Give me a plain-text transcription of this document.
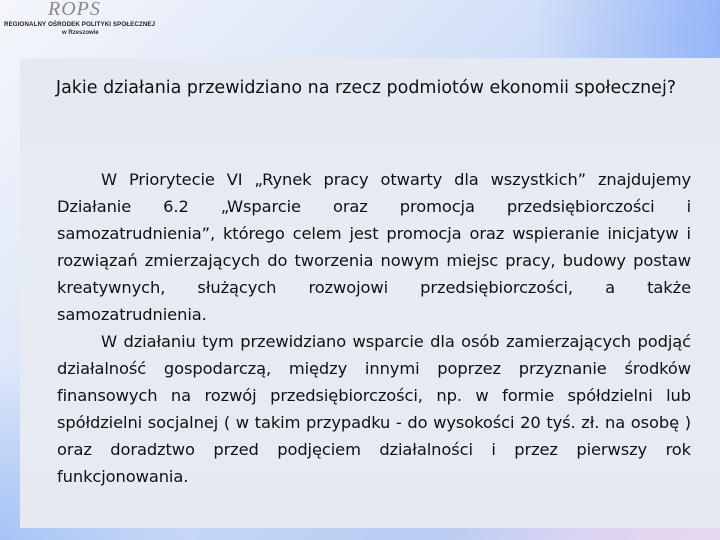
ROPS
REGIONALNY OŚRODEK POLITYKI SPOŁECZNEJ
w Rzeszowie
Jakie działania przewidziano na rzecz podmiotów ekonomii społecznej?

W Priorytecie VI „Rynek pracy otwarty dla wszystkich” znajdujemy Działanie 6.2 „Wsparcie oraz promocja przedsiębiorczości i samozatrudnienia”, którego celem jest promocja oraz wspieranie inicjatyw i rozwiązań zmierzających do tworzenia nowym miejsc pracy, budowy postaw kreatywnych, służących rozwojowi przedsiębiorczości, a także samozatrudnienia.

W działaniu tym przewidziano wsparcie dla osób zamierzających podjąć działalność gospodarczą, między innymi poprzez przyznanie środków finansowych na rozwój przedsiębiorczości, np. w formie spółdzielni lub spółdzielni socjalnej ( w takim przypadku - do wysokości 20 tyś. zł. na osobę ) oraz doradztwo przed podjęciem działalności i przez pierwszy rok funkcjonowania.
